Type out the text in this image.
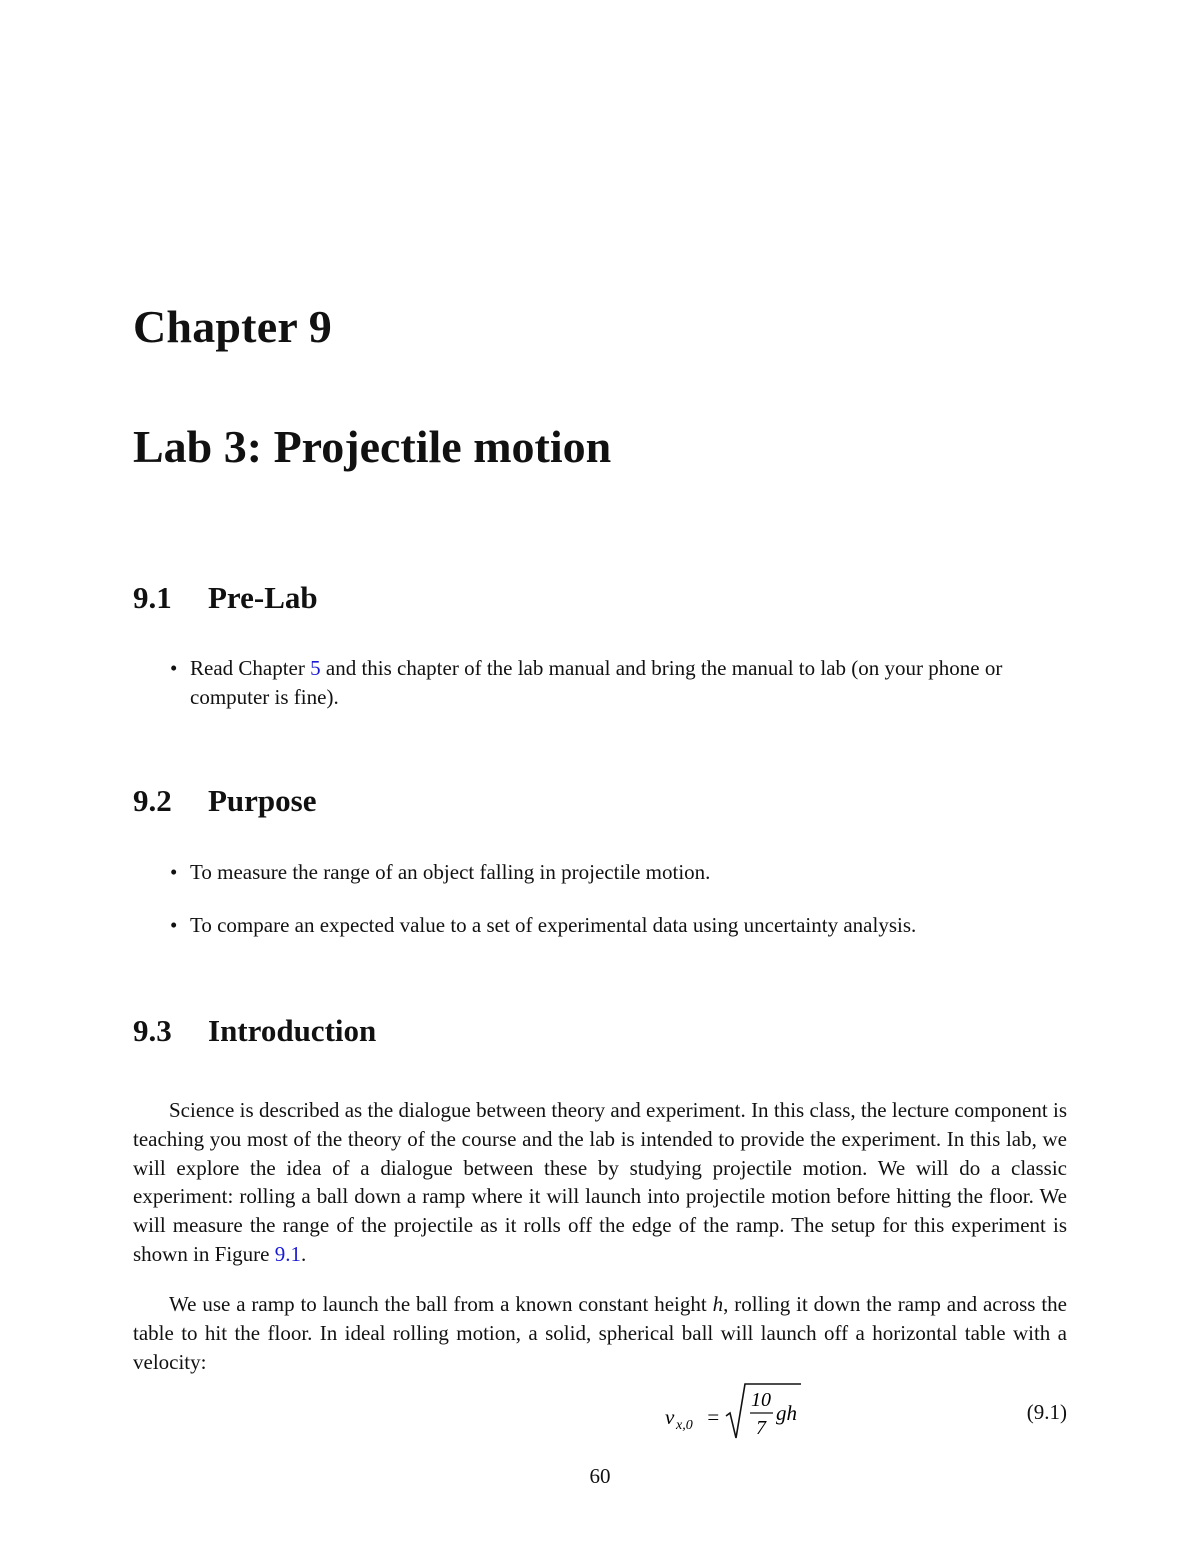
Chapter 9
Lab 3: Projectile motion
9.1 Pre-Lab
• Read Chapter 5 and this chapter of the lab manual and bring the manual to lab (on your phone or computer is fine).
9.2 Purpose
• To measure the range of an object falling in projectile motion.
• To compare an expected value to a set of experimental data using uncertainty analysis.
9.3 Introduction

Science is described as the dialogue between theory and experiment. In this class, the lecture component is teaching you most of the theory of the course and the lab is intended to provide the experiment. In this lab, we will explore the idea of a dialogue between these by studying projectile motion. We will do a classic experiment: rolling a ball down a ramp where it will launch into projectile motion before hitting the floor. We will measure the range of the projectile as it rolls off the edge of the ramp. The setup for this experiment is shown in Figure 9.1.

We use a ramp to launch the ball from a known constant height h, rolling it down the ramp and across the table to hit the floor. In ideal rolling motion, a solid, spherical ball will launch off a horizontal table with a velocity:

v x,0 =
10
7
gh	(9.1)
60
